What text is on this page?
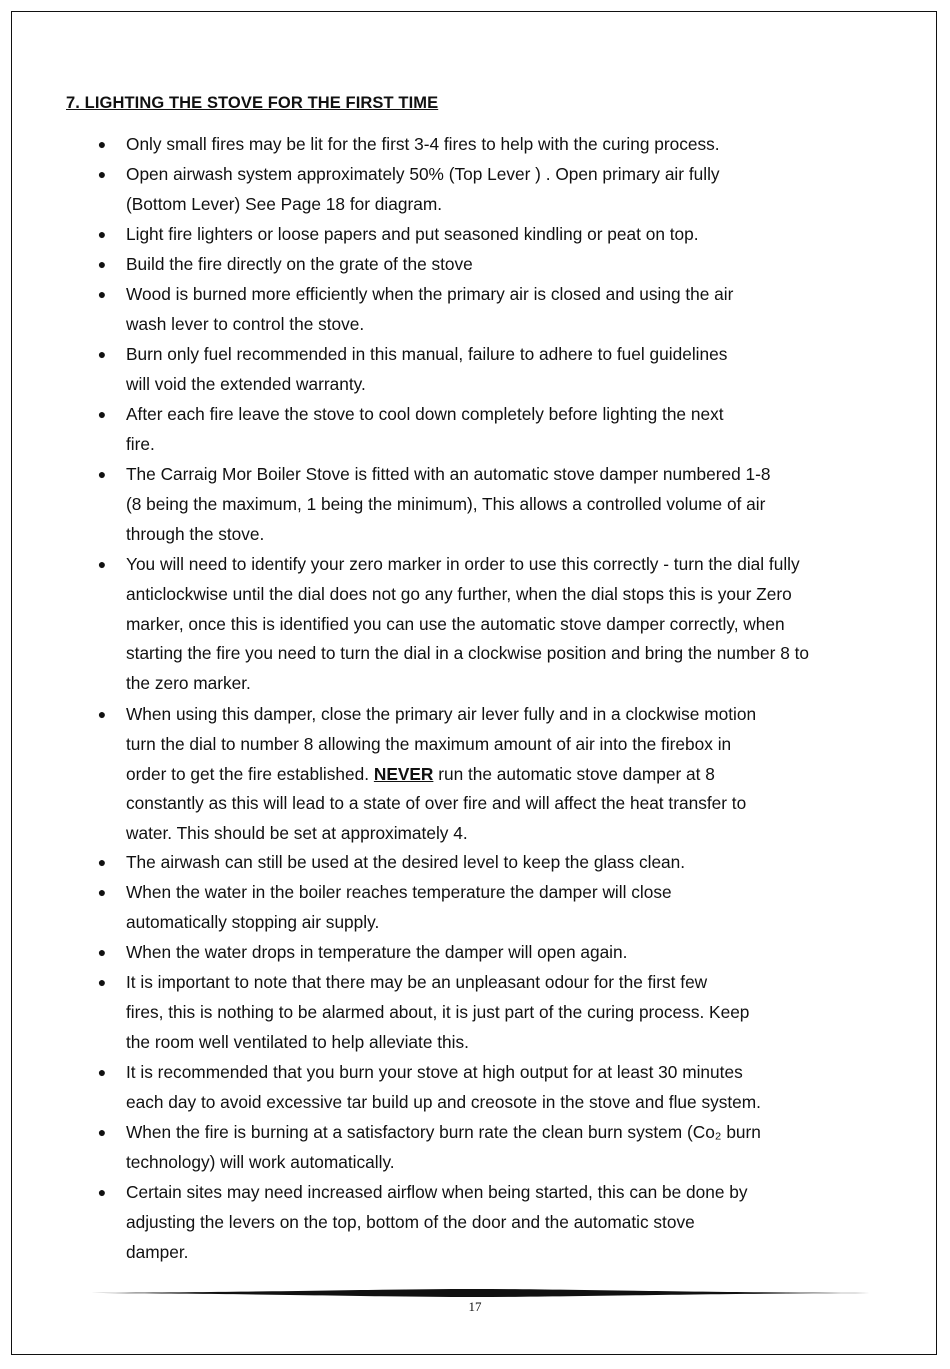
7. LIGHTING THE STOVE FOR THE FIRST TIME
● Only small fires may be lit for the first 3-4 fires to help with the curing process.
● Open airwash system approximately 50% (Top Lever ) . Open primary air fully
(Bottom Lever) See Page 18 for diagram.
● Light fire lighters or loose papers and put seasoned kindling or peat on top.
● Build the fire directly on the grate of the stove
● Wood is burned more efficiently when the primary air is closed and using the air
wash lever to control the stove.
● Burn only fuel recommended in this manual, failure to adhere to fuel guidelines
will void the extended warranty.
● After each fire leave the stove to cool down completely before lighting the next
fire.
● The Carraig Mor Boiler Stove is fitted with an automatic stove damper numbered 1-8
(8 being the maximum, 1 being the minimum), This allows a controlled volume of air
through the stove.
● You will need to identify your zero marker in order to use this correctly - turn the dial fully
anticlockwise until the dial does not go any further, when the dial stops this is your Zero
marker, once this is identified you can use the automatic stove damper correctly, when
starting the fire you need to turn the dial in a clockwise position and bring the number 8 to
the zero marker.
● When using this damper, close the primary air lever fully and in a clockwise motion
turn the dial to number 8 allowing the maximum amount of air into the firebox in
order to get the fire established. NEVER run the automatic stove damper at 8
constantly as this will lead to a state of over fire and will affect the heat transfer to
water. This should be set at approximately 4.
● The airwash can still be used at the desired level to keep the glass clean.
● When the water in the boiler reaches temperature the damper will close
automatically stopping air supply.
● When the water drops in temperature the damper will open again.
● It is important to note that there may be an unpleasant odour for the first few
fires, this is nothing to be alarmed about, it is just part of the curing process. Keep
the room well ventilated to help alleviate this.
● It is recommended that you burn your stove at high output for at least 30 minutes
each day to avoid excessive tar build up and creosote in the stove and flue system.
● When the fire is burning at a satisfactory burn rate the clean burn system (Co₂ burn
technology) will work automatically.
● Certain sites may need increased airflow when being started, this can be done by
adjusting the levers on the top, bottom of the door and the automatic stove
damper.
17
